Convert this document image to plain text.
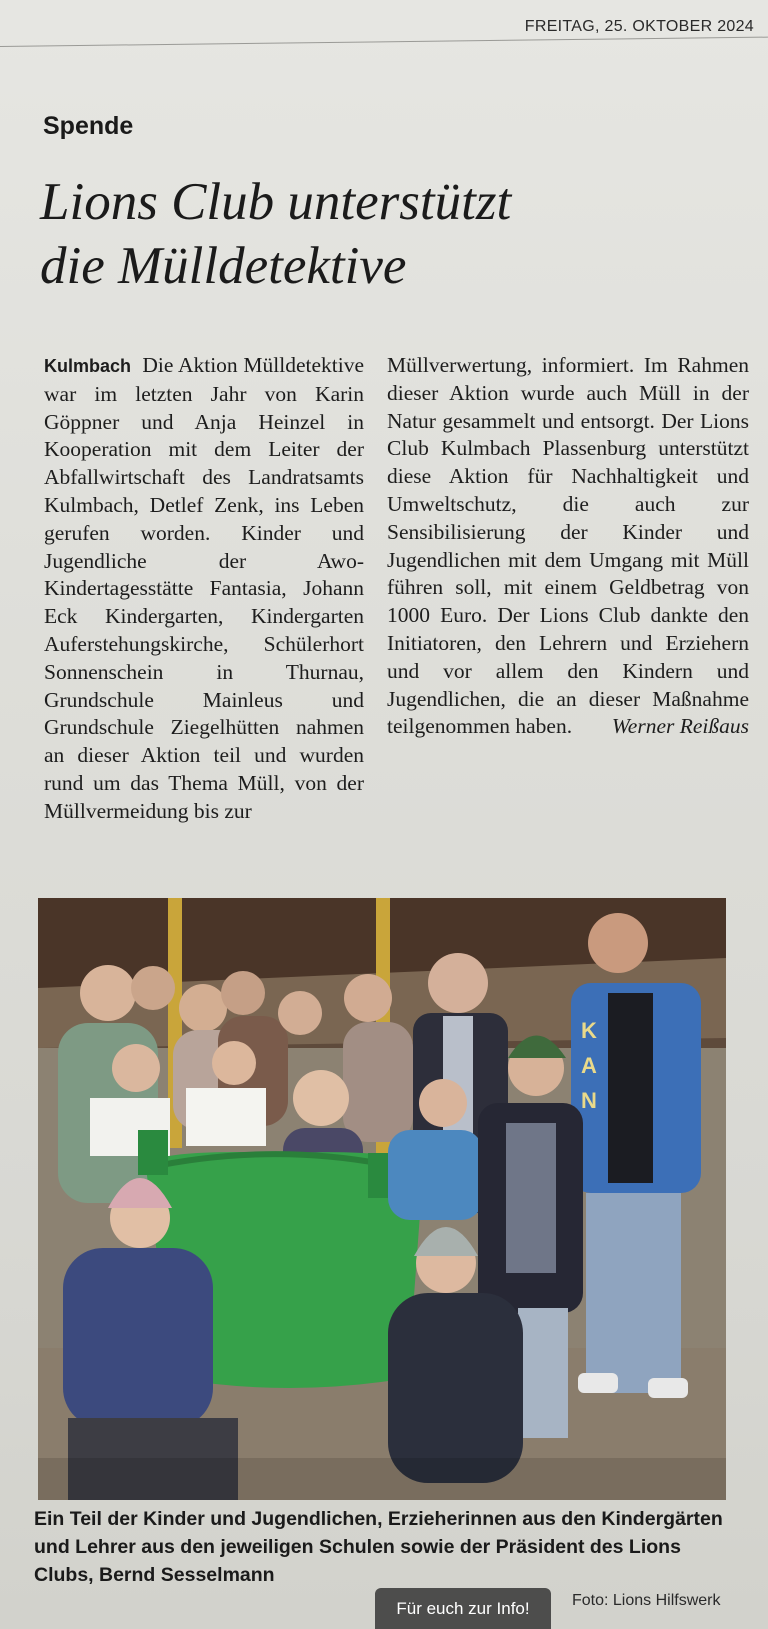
FREITAG, 25. OKTOBER 2024
Spende
Lions Club unterstützt
die Mülldetektive

Kulmbach Die Aktion Mülldetektive war im letzten Jahr von Karin Göppner und Anja Heinzel in Kooperation mit dem Leiter der Abfallwirtschaft des Landratsamts Kulmbach, Detlef Zenk, ins Leben gerufen worden. Kinder und Jugendliche der Awo-Kindertagesstätte Fantasia, Johann Eck Kindergarten, Kindergarten Auferstehungskirche, Schülerhort Sonnenschein in Thurnau, Grundschule Mainleus und Grundschule Ziegelhütten nahmen an dieser Aktion teil und wurden rund um das Thema Müll, von der Müllvermeidung bis zur

Müllverwertung, informiert. Im Rahmen dieser Aktion wurde auch Müll in der Natur gesammelt und entsorgt. Der Lions Club Kulmbach Plassenburg unterstützt diese Aktion für Nachhaltigkeit und Umweltschutz, die auch zur Sensibilisierung der Kinder und Jugendlichen mit dem Umgang mit Müll führen soll, mit einem Geldbetrag von 1000 Euro. Der Lions Club dankte den Initiatoren, den Lehrern und Erziehern und vor allem den Kindern und Jugendlichen, die an dieser Maßnahme teilgenommen haben.	Werner Reißaus
K
A
N

Ein Teil der Kinder und Jugendlichen, Erzieherinnen aus den Kindergärten und Lehrer aus den jeweiligen Schulen sowie der Präsident des Lions Clubs, Bernd Sesselmann

Foto: Lions Hilfswerk
Für euch zur Info!
